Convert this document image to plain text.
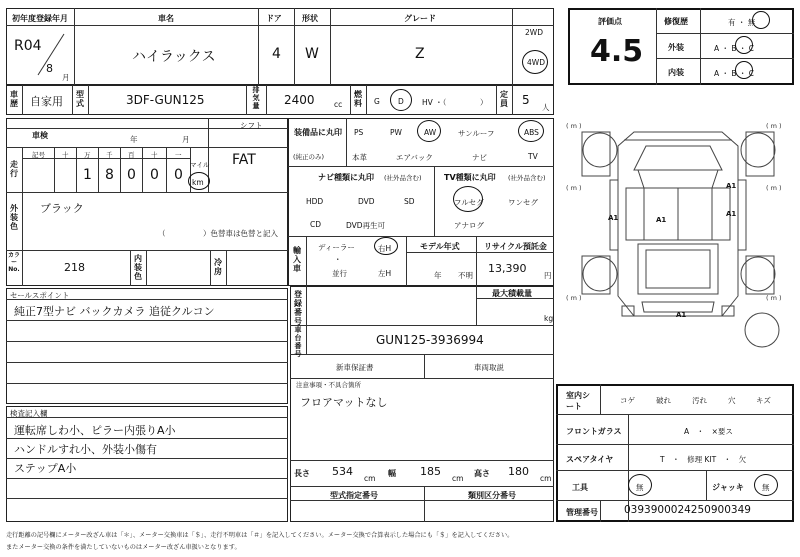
初年度登録年月	車名	ドア	形状	グレード
R04
8
月
ハイラックス	4 W	Z
2WD
4WD
評価点
4.5
修復歴	有 ・ 無
外装	A ・ B ・ C
内装	A ・ B ・ C
車歴 自家用
型式	3DF-GUN125
排気量 2400	cc
燃料 G D HV ・（	）
定員 5
人
車検	年	月
シフト
FAT
走行
記号	十 万 千 百	十	一
1 8 0 0 0
マイル
km
外装色
ブラック
（　　　　　）色替車は色替と記入
カラーNo.	218
内装色
冷房
装備品に丸印
(純正のみ)
PS	PW	AW	サンルーフ	ABS
本革	エアバック	ナビ	TV
ナビ種類に丸印 (社外品含む)
HDD	DVD	SD
CD	DVD再生可
TV種類に丸印 (社外品含む)
フルセグ	ワンセグ
アナログ
輸入車
ディーラー
・
並行
右H
左H
モデル年式
年 不明
リサイクル預託金
13,390
円
セールスポイント
純正7型ナビ バックカメラ 追従クルコン
検査記入欄
運転席しわ小、ピラー内張りA小
ハンドルすれ小、外装小傷有
ステップA小
登録番号
最大積載量
kg
車台番号
GUN125-3936994
新車保証書	車両取説
注意事項・不具合箇所
フロアマットなし
長さ 534
cm
幅 185
cm
高さ 180
cm
型式指定番号	類別区分番号
( m )	( m )
( m )	( m )
( m )	( m )
A1
A1
A1	A1
A1
室内シート
コゲ	破れ	汚れ	穴	キズ
フロントガラス	A　・　×要ス
スペアタイヤ	T　・　修理 KIT　・　欠
工具	無	ジャッキ 無
管理番号 0393900024250900349
走行距離の記号欄にメーター改ざん車は「＊」、メーター交換車は「＄」、走行不明車は「＃」を記入してください。メーター交換で合算表示した場合にも「＄」を記入してください。
またメーター交換の条件を満たしていないものはメーター改ざん車扱いとなります。
